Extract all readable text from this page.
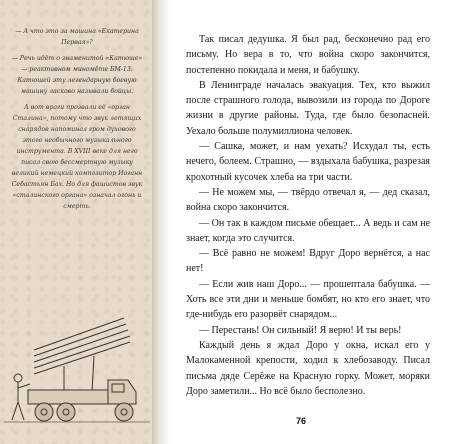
— А что это за машина «Екатерина Первая»?

— Речь идёт о знаменитой «Катюше» — реактивном миномёте БМ-13. Катюшей эту легендарную боевую машину ласково называли бойцы.

А вот враги прозвали её «орган Сталина», потому что звук летящих снарядов напоминал гром духового этого необычного музыкального инструмента. В XVIII веке для него писал свою бессмертную музыку великий немецкий композитор Иоганн Себастьян Бах. Но для фашистов звук «сталинского органа» означал огонь и смерть.

Так писал дедушка. Я был рад, бесконечно рад его письму. Но вера в то, что война скоро закончится, постепенно покидала и меня, и бабушку.

В Ленинграде началась эвакуация. Тех, кто выжил после страшного голода, вывозили из города по Дороге жизни в другие районы. Туда, где было безопасней. Уехало больше полумиллиона человек.

— Сашка, может, и нам уехать? Исхудал ты, есть нечего, болеем. Страшно, — вздыхала бабушка, разрезая крохотный кусочек хлеба на три части.

— Не можем мы, — твёрдо отвечал я, — дед сказал, война скоро закончится.

— Он так в каждом письме обещает... А ведь и сам не знает, когда это случится.

— Всё равно не можем! Вдруг Доро вернётся, а нас нет!

— Если жив наш Доро... — прошептала бабушка. — Хоть все эти дни и меньше бомбят, но кто его знает, что где-нибудь его разорвёт снарядом...

— Перестань! Он сильный! Я верю! И ты верь!

Каждый день я ждал Доро у окна, искал его у Малокаменной крепости, ходил к хлебозаводу. Писал письма дяде Серёже на Красную горку. Может, моряки Доро заметили... Но всё было бесполезно.

76
